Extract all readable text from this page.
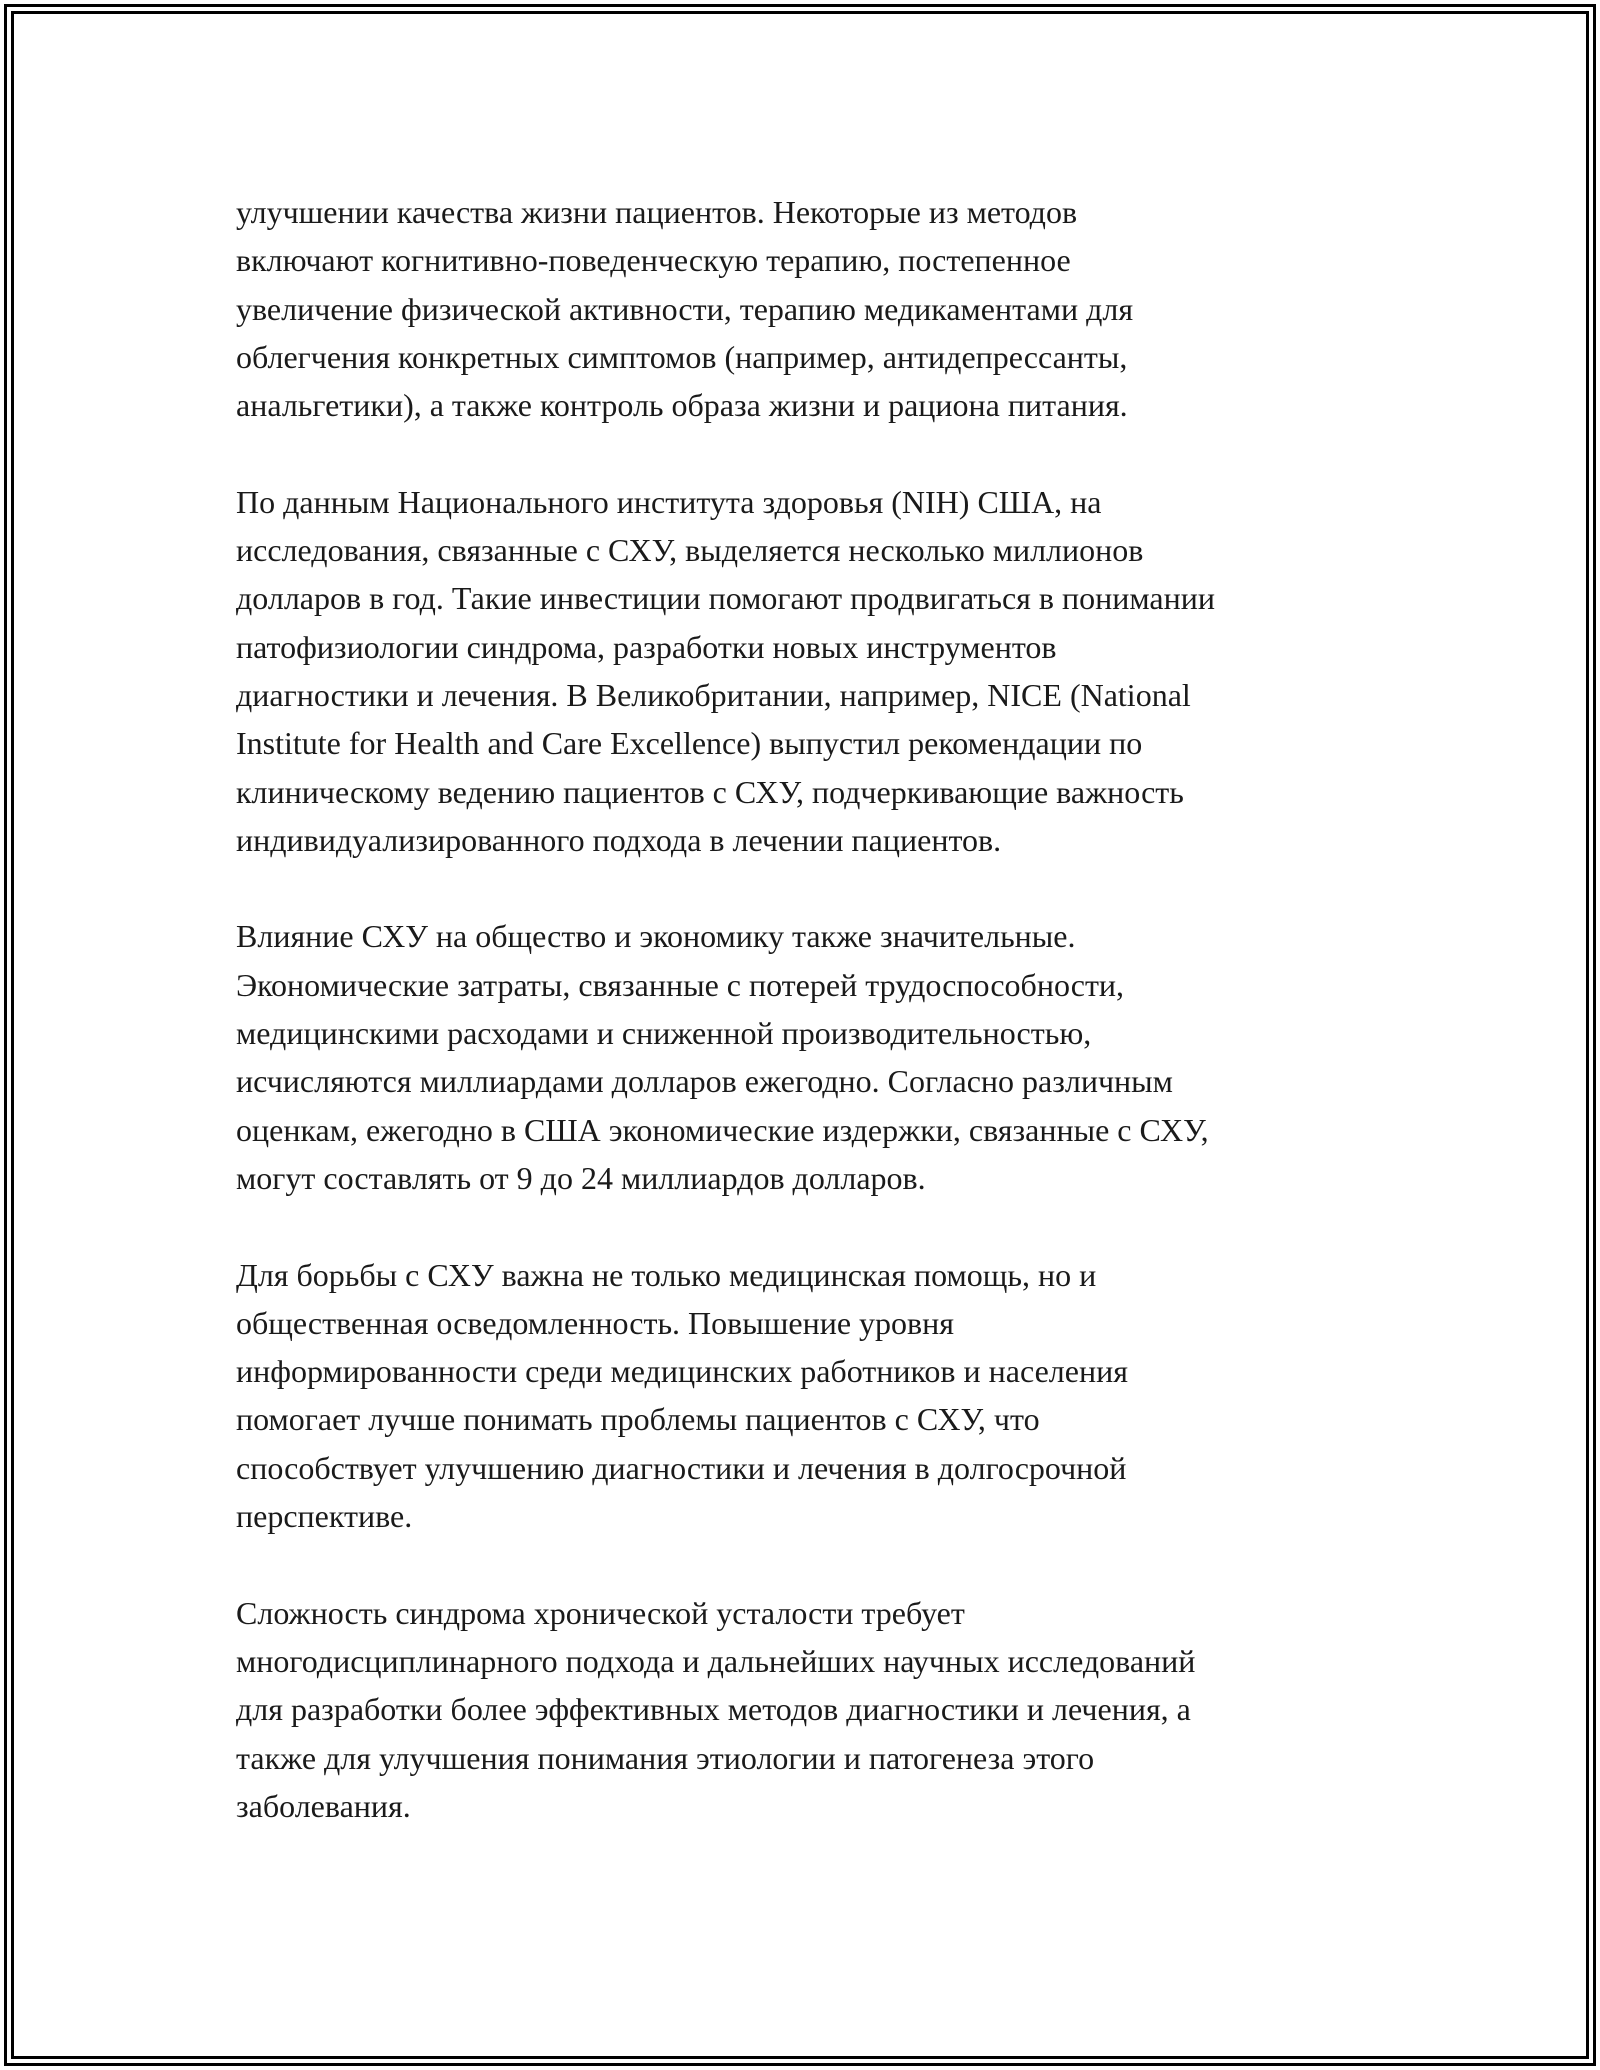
улучшении качества жизни пациентов. Некоторые из методов
включают когнитивно-поведенческую терапию, постепенное
увеличение физической активности, терапию медикаментами для
облегчения конкретных симптомов (например, антидепрессанты,
анальгетики), а также контроль образа жизни и рациона питания.

По данным Национального института здоровья (NIH) США, на
исследования, связанные с СХУ, выделяется несколько миллионов
долларов в год. Такие инвестиции помогают продвигаться в понимании
патофизиологии синдрома, разработки новых инструментов
диагностики и лечения. В Великобритании, например, NICE (National
Institute for Health and Care Excellence) выпустил рекомендации по
клиническому ведению пациентов с СХУ, подчеркивающие важность
индивидуализированного подхода в лечении пациентов.

Влияние СХУ на общество и экономику также значительные.
Экономические затраты, связанные с потерей трудоспособности,
медицинскими расходами и сниженной производительностью,
исчисляются миллиардами долларов ежегодно. Согласно различным
оценкам, ежегодно в США экономические издержки, связанные с СХУ,
могут составлять от 9 до 24 миллиардов долларов.

Для борьбы с СХУ важна не только медицинская помощь, но и
общественная осведомленность. Повышение уровня
информированности среди медицинских работников и населения
помогает лучше понимать проблемы пациентов с СХУ, что
способствует улучшению диагностики и лечения в долгосрочной
перспективе.

Сложность синдрома хронической усталости требует
многодисциплинарного подхода и дальнейших научных исследований
для разработки более эффективных методов диагностики и лечения, а
также для улучшения понимания этиологии и патогенеза этого
заболевания.
